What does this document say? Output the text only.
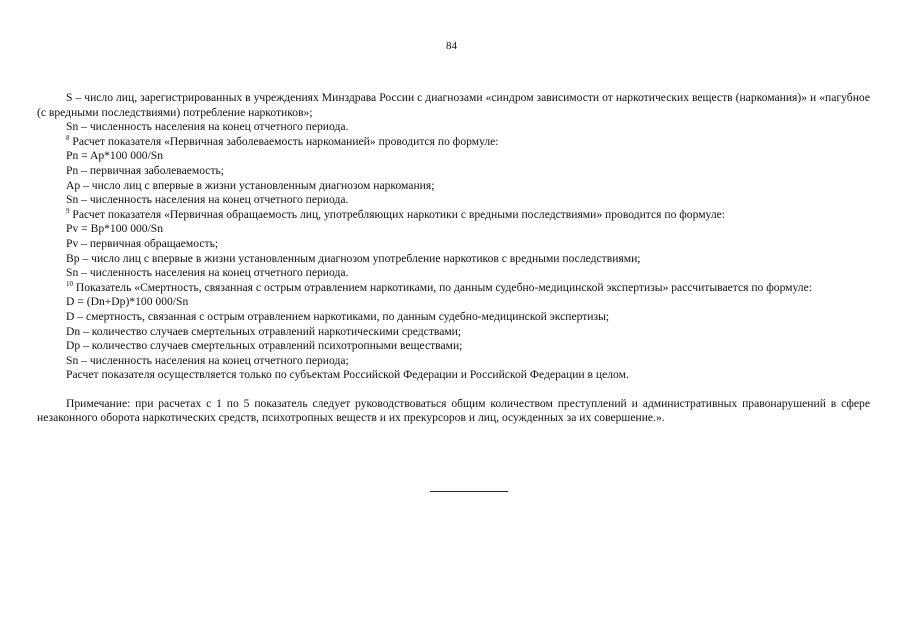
84

S – число лиц, зарегистрированных в учреждениях Минздрава России с диагнозами «синдром зависимости от наркотических веществ (наркомания)» и «пагубное (с вредными последствиями) потребление наркотиков»;

Sn – численность населения на конец отчетного периода.

$^8$ Расчет показателя «Первичная заболеваемость наркоманией» проводится по формуле:

Pn = Ap*100 000/Sn

Pn – первичная заболеваемость;

Ap – число лиц с впервые в жизни установленным диагнозом наркомания;

Sn – численность населения на конец отчетного периода.

$^9$ Расчет показателя «Первичная обращаемость лиц, употребляющих наркотики с вредными последствиями» проводится по формуле:

Pv = Bp*100 000/Sn

Pv – первичная обращаемость;

Bp – число лиц с впервые в жизни установленным диагнозом употребление наркотиков с вредными последствиями;

Sn – численность населения на конец отчетного периода.

$^{10}$ Показатель «Смертность, связанная с острым отравлением наркотиками, по данным судебно-медицинской экспертизы» рассчитывается по формуле:

D = (Dn+Dp)*100 000/Sn

D – смертность, связанная с острым отравлением наркотиками, по данным судебно-медицинской экспертизы;

Dn – количество случаев смертельных отравлений наркотическими средствами;

Dp – количество случаев смертельных отравлений психотропными веществами;

Sn – численность населения на конец отчетного периода;

Расчет показателя осуществляется только по субъектам Российской Федерации и Российской Федерации в целом.

Примечание: при расчетах с 1 по 5 показатель следует руководствоваться общим количеством преступлений и административных правонарушений в сфере незаконного оборота наркотических средств, психотропных веществ и их прекурсоров и лиц, осужденных за их совершение.».
